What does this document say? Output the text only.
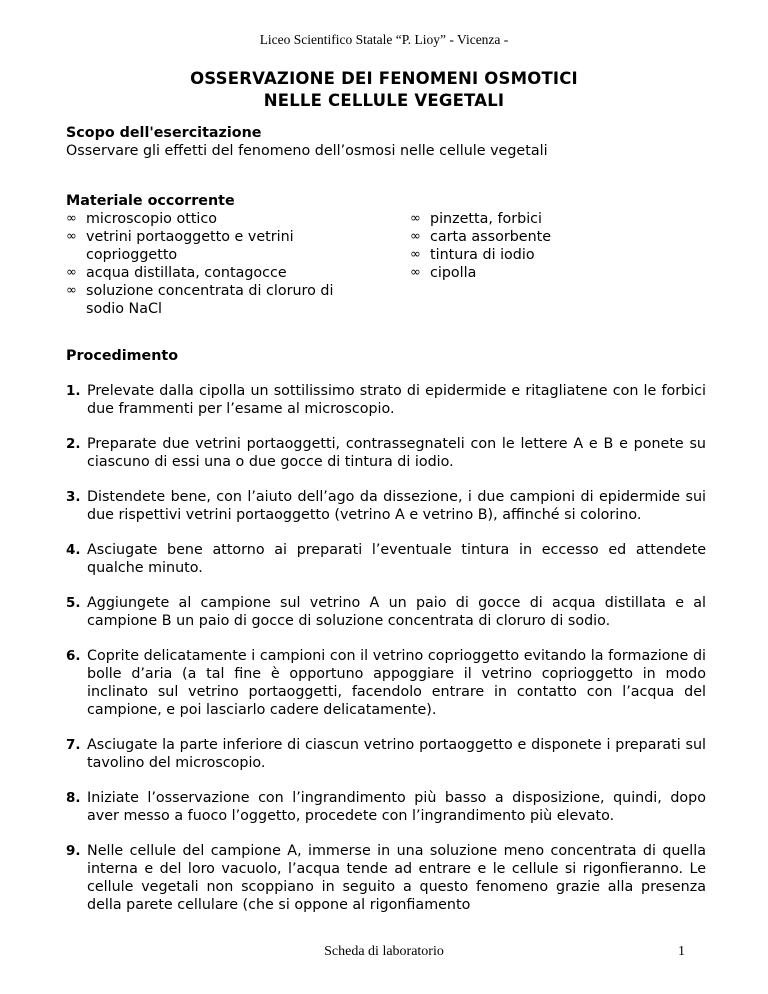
Liceo Scientifico Statale “P. Lioy” - Vicenza -
OSSERVAZIONE DEI FENOMENI OSMOTICI
NELLE CELLULE VEGETALI
Scopo dell'esercitazione
Osservare gli effetti del fenomeno dell’osmosi nelle cellule vegetali
Materiale occorrente
∞ microscopio ottico
∞ vetrini portaoggetto e vetrini coprioggetto
∞ acqua distillata, contagocce
∞ soluzione concentrata di cloruro di sodio NaCl
∞ pinzetta, forbici
∞ carta assorbente
∞ tintura di iodio
∞ cipolla
Procedimento
1. Prelevate dalla cipolla un sottilissimo strato di epidermide e ritagliatene con le forbici due frammenti per l’esame al microscopio.
2. Preparate due vetrini portaoggetti, contrassegnateli con le lettere A e B e ponete su ciascuno di essi una o due gocce di tintura di iodio.
3. Distendete bene, con l’aiuto dell’ago da dissezione, i due campioni di epidermide sui due rispettivi vetrini portaoggetto (vetrino A e vetrino B), affinché si colorino.
4. Asciugate bene attorno ai preparati l’eventuale tintura in eccesso ed attendete qualche minuto.
5. Aggiungete al campione sul vetrino A un paio di gocce di acqua distillata e al campione B un paio di gocce di soluzione concentrata di cloruro di sodio.
6. Coprite delicatamente i campioni con il vetrino coprioggetto evitando la formazione di bolle d’aria (a tal fine è opportuno appoggiare il vetrino coprioggetto in modo inclinato sul vetrino portaoggetti, facendolo entrare in contatto con l’acqua del campione, e poi lasciarlo cadere delicatamente).
7. Asciugate la parte inferiore di ciascun vetrino portaoggetto e disponete i preparati sul tavolino del microscopio.
8. Iniziate l’osservazione con l’ingrandimento più basso a disposizione, quindi, dopo aver messo a fuoco l’oggetto, procedete con l’ingrandimento più elevato.
9. Nelle cellule del campione A, immerse in una soluzione meno concentrata di quella interna e del loro vacuolo, l’acqua tende ad entrare e le cellule si rigonfieranno. Le cellule vegetali non scoppiano in seguito a questo fenomeno grazie alla presenza della parete cellulare (che si oppone al rigonfiamento
Scheda di laboratorio	1
